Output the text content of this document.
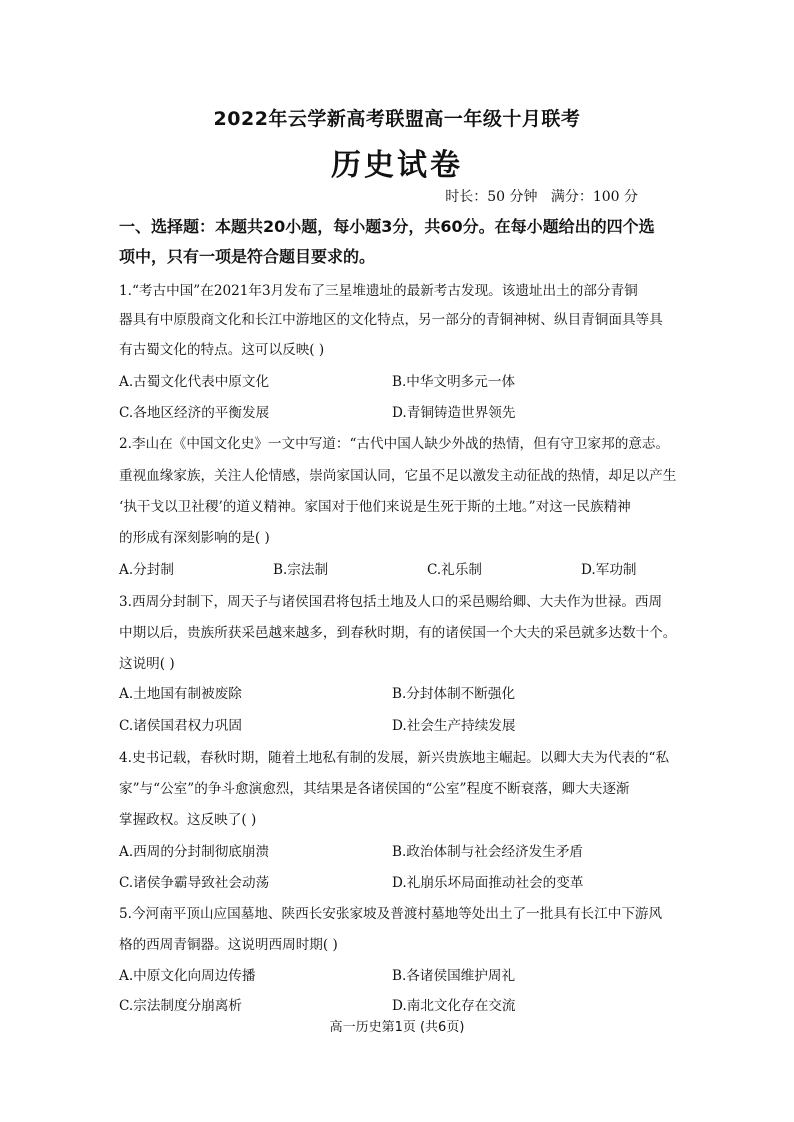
2022年云学新高考联盟高一年级十月联考
历史试卷
时长：50 分钟   满分：100 分
一、选择题：本题共20小题，每小题3分，共60分。在每小题给出的四个选
项中，只有一项是符合题目要求的。
1.“考古中国”在2021年3月发布了三星堆遗址的最新考古发现。该遗址出土的部分青铜
器具有中原殷商文化和长江中游地区的文化特点，另一部分的青铜神树、纵目青铜面具等具
有古蜀文化的特点。这可以反映( )
A.古蜀文化代表中原文化	B.中华文明多元一体
C.各地区经济的平衡发展	D.青铜铸造世界领先
2.李山在《中国文化史》一文中写道：“古代中国人缺少外战的热情，但有守卫家邦的意志。
重视血缘家族，关注人伦情感，崇尚家国认同，它虽不足以激发主动征战的热情，却足以产生
‘执干戈以卫社稷’的道义精神。家国对于他们来说是生死于斯的土地。”对这一民族精神
的形成有深刻影响的是( )
A.分封制	B.宗法制	C.礼乐制	D.军功制
3.西周分封制下，周天子与诸侯国君将包括土地及人口的采邑赐给卿、大夫作为世禄。西周
中期以后，贵族所获采邑越来越多，到春秋时期，有的诸侯国一个大夫的采邑就多达数十个。
这说明( )
A.土地国有制被废除	B.分封体制不断强化
C.诸侯国君权力巩固	D.社会生产持续发展
4.史书记载，春秋时期，随着土地私有制的发展，新兴贵族地主崛起。以卿大夫为代表的“私
家”与“公室”的争斗愈演愈烈，其结果是各诸侯国的“公室”程度不断衰落，卿大夫逐渐
掌握政权。这反映了( )
A.西周的分封制彻底崩溃	B.政治体制与社会经济发生矛盾
C.诸侯争霸导致社会动荡	D.礼崩乐坏局面推动社会的变革
5.今河南平顶山应国墓地、陕西长安张家坡及普渡村墓地等处出土了一批具有长江中下游风
格的西周青铜器。这说明西周时期( )
A.中原文化向周边传播	B.各诸侯国维护周礼
C.宗法制度分崩离析	D.南北文化存在交流
高一历史第1页 (共6页)
